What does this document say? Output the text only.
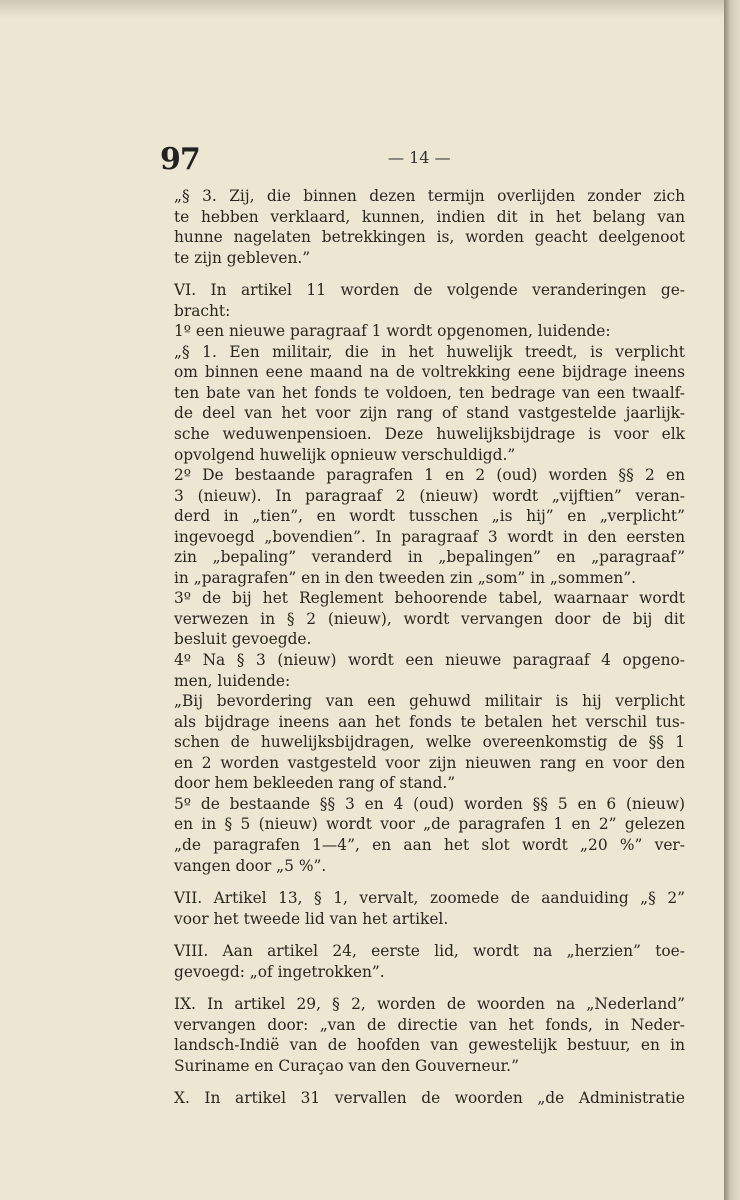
97	— 14 —

„§ 3. Zij, die binnen dezen termijn overlijden zonder zich
te hebben verklaard, kunnen, indien dit in het belang van
hunne nagelaten betrekkingen is, worden geacht deelgenoot
te zijn gebleven.”

VI. In artikel 11 worden de volgende veranderingen ge-
bracht:

1º een nieuwe paragraaf 1 wordt opgenomen, luidende:

„§ 1. Een militair, die in het huwelijk treedt, is verplicht
om binnen eene maand na de voltrekking eene bijdrage ineens
ten bate van het fonds te voldoen, ten bedrage van een twaalf-
de deel van het voor zijn rang of stand vastgestelde jaarlijk-
sche weduwenpensioen. Deze huwelijksbijdrage is voor elk
opvolgend huwelijk opnieuw verschuldigd.”

2º De bestaande paragrafen 1 en 2 (oud) worden §§ 2 en
3 (nieuw). In paragraaf 2 (nieuw) wordt „vijftien” veran-
derd in „tien”, en wordt tusschen „is hij” en „verplicht”
ingevoegd „bovendien”. In paragraaf 3 wordt in den eersten
zin „bepaling” veranderd in „bepalingen” en „paragraaf”
in „paragrafen” en in den tweeden zin „som” in „sommen”.

3º de bij het Reglement behoorende tabel, waarnaar wordt
verwezen in § 2 (nieuw), wordt vervangen door de bij dit
besluit gevoegde.

4º Na § 3 (nieuw) wordt een nieuwe paragraaf 4 opgeno-
men, luidende:

„Bij bevordering van een gehuwd militair is hij verplicht
als bijdrage ineens aan het fonds te betalen het verschil tus-
schen de huwelijksbijdragen, welke overeenkomstig de §§ 1
en 2 worden vastgesteld voor zijn nieuwen rang en voor den
door hem bekleeden rang of stand.”

5º de bestaande §§ 3 en 4 (oud) worden §§ 5 en 6 (nieuw)
en in § 5 (nieuw) wordt voor „de paragrafen 1 en 2” gelezen
„de paragrafen 1—4”, en aan het slot wordt „20 %” ver-
vangen door „5 %”.

VII. Artikel 13, § 1, vervalt, zoomede de aanduiding „§ 2”
voor het tweede lid van het artikel.

VIII. Aan artikel 24, eerste lid, wordt na „herzien” toe-
gevoegd: „of ingetrokken”.

IX. In artikel 29, § 2, worden de woorden na „Nederland”
vervangen door: „van de directie van het fonds, in Neder-
landsch-Indië van de hoofden van gewestelijk bestuur, en in
Suriname en Curaçao van den Gouverneur.”

X. In artikel 31 vervallen de woorden „de Administratie
